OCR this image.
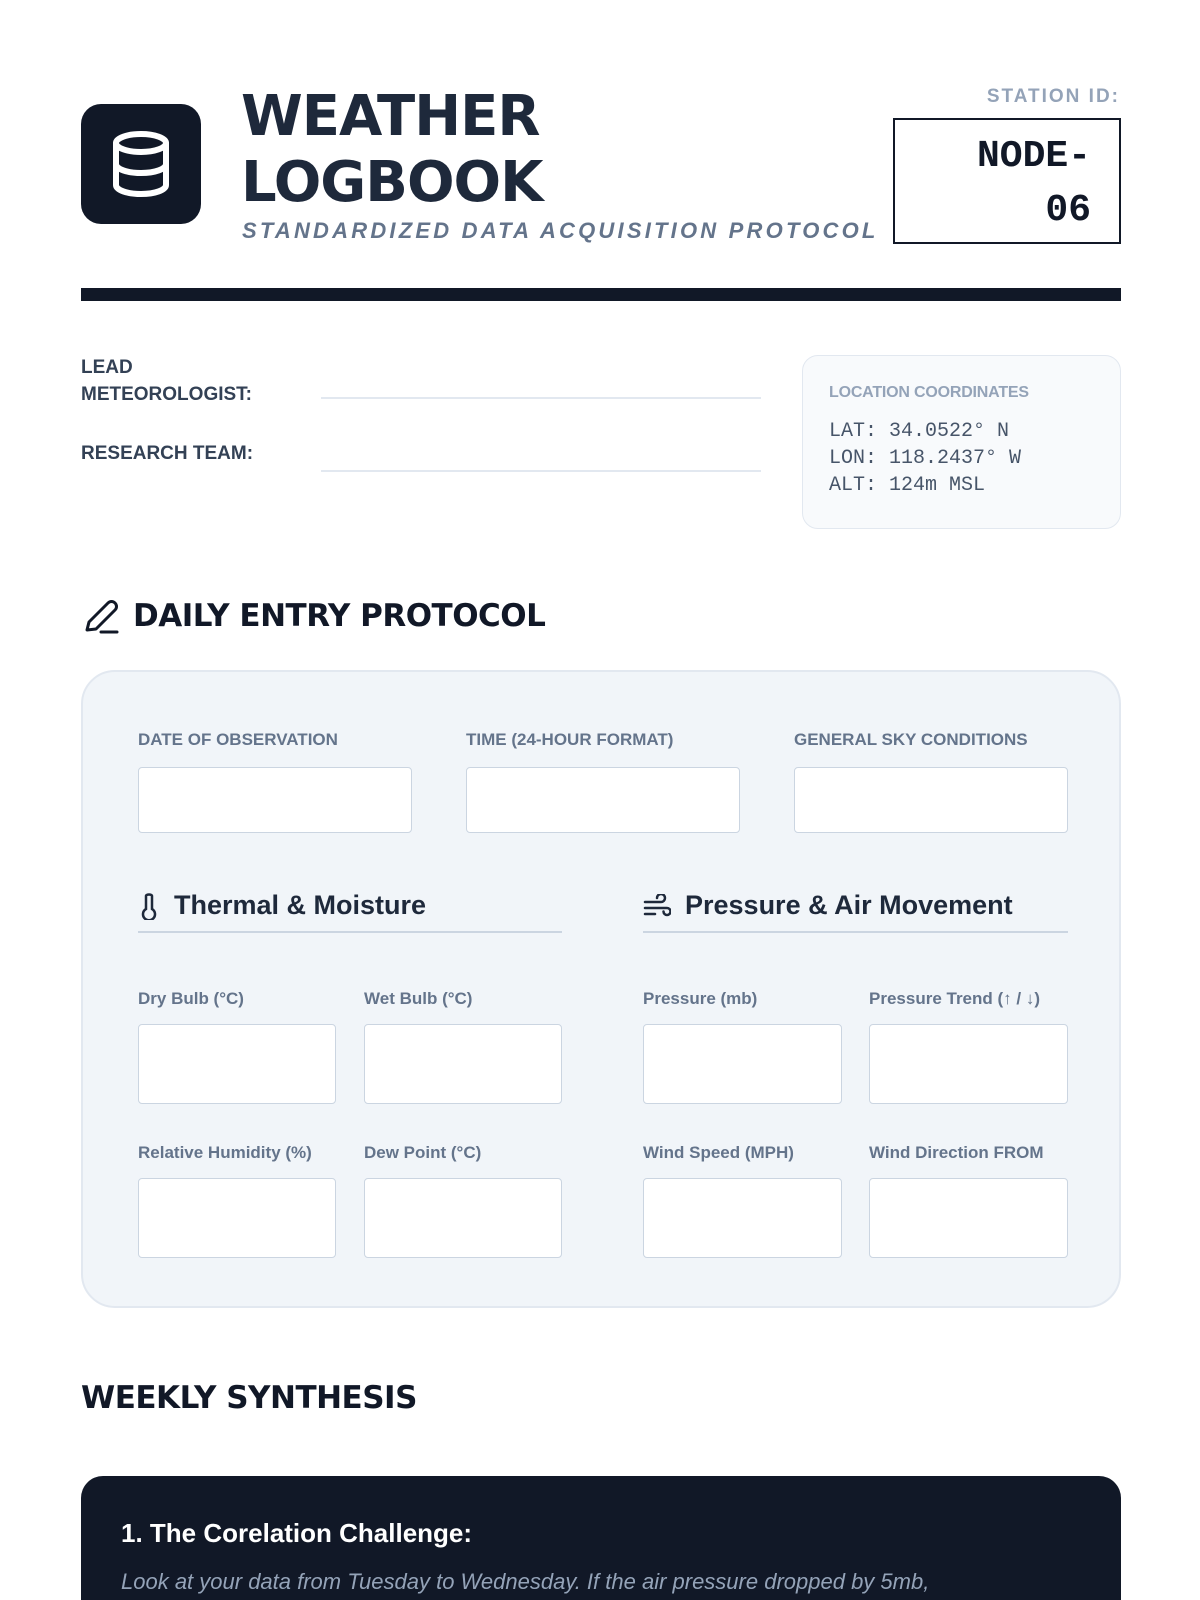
WEATHER
LOGBOOK
STANDARDIZED DATA ACQUISITION PROTOCOL
STATION ID:
NODE-
06
LEAD
METEOROLOGIST:
RESEARCH TEAM:
LOCATION COORDINATES
LAT: 34.0522° N
LON: 118.2437° W
ALT: 124m MSL
DAILY ENTRY PROTOCOL
DATE OF OBSERVATION	TIME (24-HOUR FORMAT)	GENERAL SKY CONDITIONS
Thermal & Moisture
Dry Bulb (°C)	Wet Bulb (°C)
Relative Humidity (%)	Dew Point (°C)
Pressure & Air Movement
Pressure (mb)	Pressure Trend (↑ / ↓)
Wind Speed (MPH)	Wind Direction FROM
WEEKLY SYNTHESIS
1. The Corelation Challenge:
Look at your data from Tuesday to Wednesday. If the air pressure dropped by 5mb,
